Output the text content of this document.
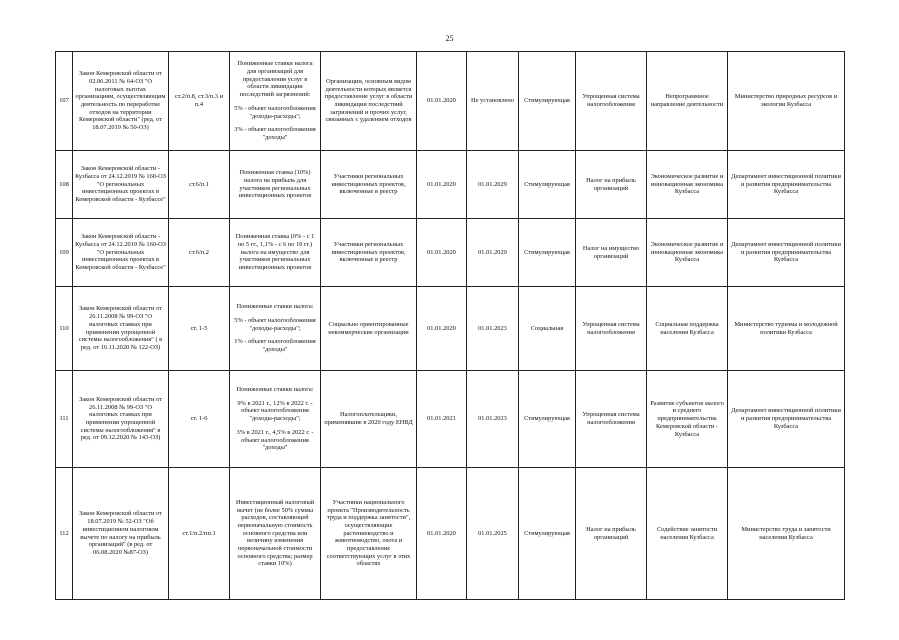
25
107	Закон Кемеровской области от 02.06.2011 № 64-ОЗ "О налоговых льготах организациям, осуществляющим деятельность по переработке отходов на территории Кемеровской области" (ред. от 18.07.2019 № 50-ОЗ)	ст.2/п.8, ст.3/п.3 и п.4	Пониженные ставки налога для организаций для предоставления услуг в области ликвидации последствий загрязнений:
5% - объект налогообложения "доходы-расходы";
3% - объект налогообложения "доходы"	Организации, основным видом деятельности которых является предоставление услуг в области ликвидации последствий загрязнений и прочих услуг, связанных с удалением отходов	01.01.2020	Не установлено	Стимулирующая	Упрощенная система налогообложения	Непрограммное направление деятельности	Министерство природных ресурсов и экологии Кузбасса
108	Закон Кемеровской области - Кузбасса от 24.12.2019 № 160-ОЗ "О региональных инвестиционных проектах в Кемеровской области - Кузбассе"	ст.6/п.1	Пониженная ставка (10%) налога на прибыль для участников региональных инвестиционных проектов	Участники региональных инвестиционных проектов, включенные в реестр	01.01.2020	01.01.2029	Стимулирующая	Налог на прибыль организаций	Экономическое развитие и инновационная экономика Кузбасса	Департамент инвестиционной политики и развития предпринимательства Кузбасса
109	Закон Кемеровской области - Кузбасса от 24.12.2019 № 160-ОЗ "О региональных инвестиционных проектах в Кемеровской области - Кузбассе"	ст.6/п.2	Пониженная ставка (0% - с 1 по 5 гг., 1,1% - с 6 по 10 гг.) налога на имущество для участников региональных инвестиционных проектов	Участники региональных инвестиционных проектов, включенные в реестр	01.01.2020	01.01.2029	Стимулирующая	Налог на имущество организаций	Экономическое развитие и инновационная экономика Кузбасса	Департамент инвестиционной политики и развития предпринимательства Кузбасса
110	Закон Кемеровской области от 26.11.2008 № 99-ОЗ "О налоговых ставках при применении упрощенной системы налогообложения" ( в ред. от 16.11.2020 № 122-ОЗ)	ст. 1-5	Пониженные ставки налога:
5% - объект налогообложения "доходы-расходы";
1% - объект налогообложения "доходы"	Социально ориентированные некоммерческие организации	01.01.2020	01.01.2023	Социальная	Упрощенная система налогообложения	Социальная поддержка населения Кузбасса	Министерство туризма и молодежной политики Кузбасса
111	Закон Кемеровской области от 26.11.2008 № 99-ОЗ "О налоговых ставках при применении упрощенной системы налогообложения" в ред. от 09.12.2020 № 143-ОЗ)	ст. 1-6	Пониженные ставки налога:
9% в 2021 г., 12% в 2022 г. - объект налогообложения "доходы-расходы";
3% в 2021 г., 4,5% в 2022 г. - объект налогообложения "доходы"	Налогоплательщики, применявшие в 2020 году ЕНВД	01.01.2021	01.01.2023	Стимулирующая	Упрощенная система налогообложения	Развитие субъектов малого и среднего предпринимательства Кемеровской области - Кузбасса	Департамент инвестиционной политики и развития предпринимательства Кузбасса
112	Закон Кемеровской области от 18.07.2019 № 52-ОЗ "Об инвестиционном налоговом вычете по налогу на прибыль организаций" (в ред. от 06.08.2020 №87-ОЗ)	ст.1/п.2/пп.1	Инвестиционный налоговый вычет (не более 50% суммы расходов, составляющей первоначальную стоимость основного средства или величину изменения первоначальной стоимости основного средства; размер ставки 10%)	Участники национального проекта "Производительность труда и поддержка занятости", осуществляющие растениеводство и животноводство, охота и предоставление соответствующих услуг в этих областях	01.01.2020	01.01.2025	Стимулирующая	Налог на прибыль организаций	Содействие занятости населения Кузбасса	Министерство труда и занятости населения Кузбасса
